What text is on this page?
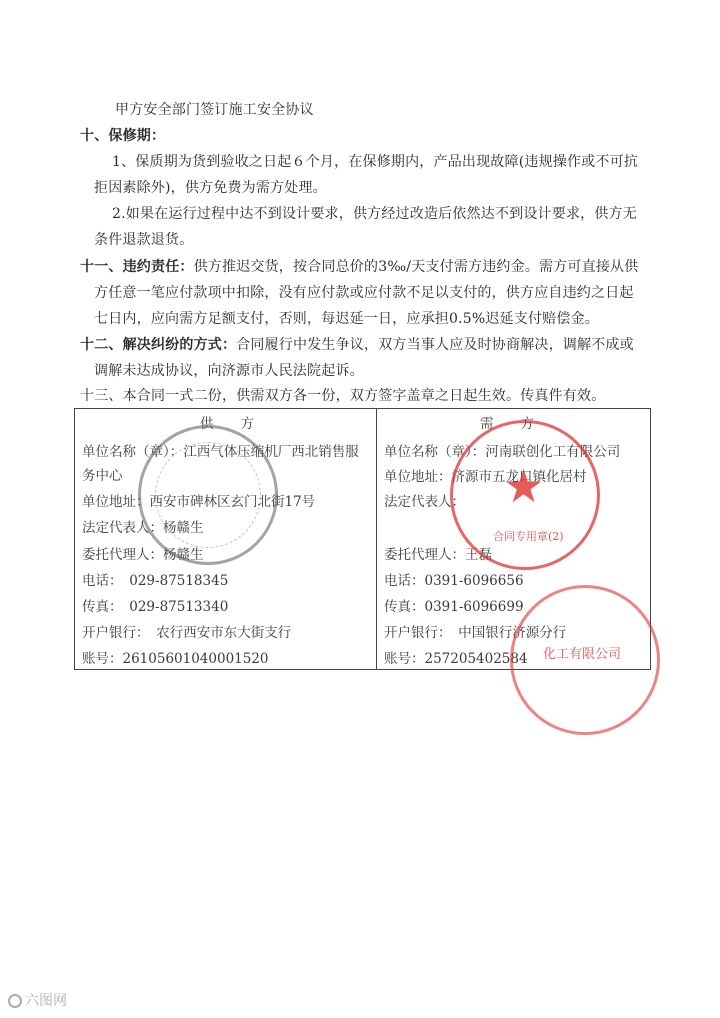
甲方安全部门签订施工安全协议
十、保修期：
1、保质期为货到验收之日起６个月，在保修期内，产品出现故障(违规操作或不可抗
拒因素除外)，供方免费为需方处理。
2.如果在运行过程中达不到设计要求，供方经过改造后依然达不到设计要求，供方无
条件退款退货。
十一、违约责任：供方推迟交货，按合同总价的3‰/天支付需方违约金。需方可直接从供
方任意一笔应付款项中扣除，没有应付款或应付款不足以支付的，供方应自违约之日起
七日内，应向需方足额支付，否则，每迟延一日，应承担0.5%迟延支付赔偿金。
十二、解决纠纷的方式：合同履行中发生争议，双方当事人应及时协商解决，调解不成或
调解未达成协议，向济源市人民法院起诉。
十三、本合同一式二份，供需双方各一份，双方签字盖章之日起生效。传真件有效。
供　　方
单位名称（章）：江西气体压缩机厂西北销售服
务中心
单位地址：西安市碑林区玄门北街17号
法定代表人：杨赣生
委托代理人：杨赣生
电话：　029-87518345
传真：　029-87513340
开户银行：　农行西安市东大街支行
账号：26105601040001520
需　　方
单位名称（章）：河南联创化工有限公司
单位地址：济源市五龙口镇化居村
法定代表人：
委托代理人：王磊
电话：0391-6096656
传真：0391-6096699
开户银行：　中国银行济源分行
账号：257205402584
★
合同专用章(2)
化工有限公司
六图网
